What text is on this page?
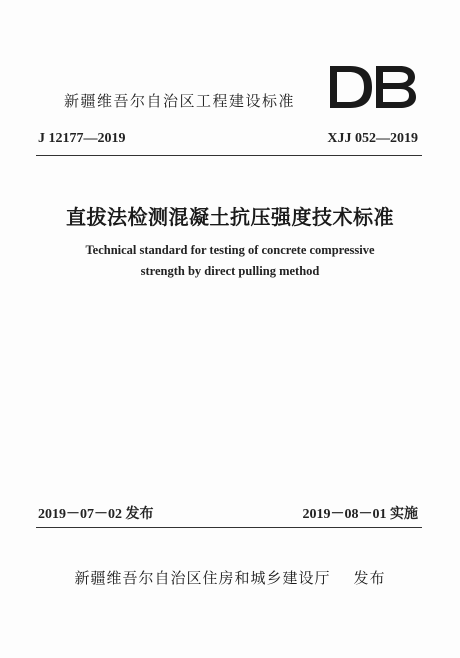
新疆维吾尔自治区工程建设标准
DB
J 12177—2019	XJJ 052—2019
直拔法检测混凝土抗压强度技术标准
Technical standard for testing of concrete compressive
strength by direct pulling method
2019－07－02 发布	2019－08－01 实施
新疆维吾尔自治区住房和城乡建设厅 发布
